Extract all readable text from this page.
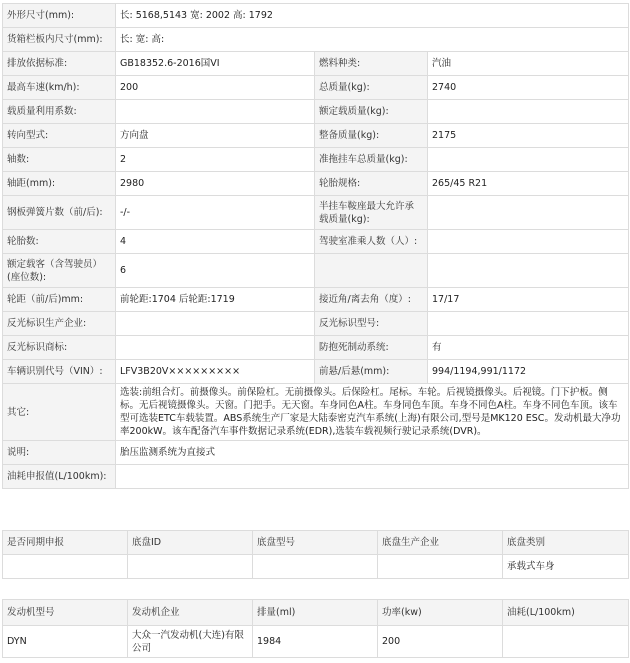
外形尺寸(mm):	长: 5168,5143 宽: 2002 高: 1792		
货箱栏板内尺寸(mm):	长: 宽: 高:		
排放依据标准:	GB18352.6-2016国VI	燃料种类:	汽油
最高车速(km/h):	200	总质量(kg):	2740
载质量利用系数:		额定载质量(kg):	
转向型式:	方向盘	整备质量(kg):	2175
轴数:	2	准拖挂车总质量(kg):	
轴距(mm):	2980	轮胎规格:	265/45 R21
钢板弹簧片数（前/后):	-/-	半挂车鞍座最大允许承载质量(kg):	
轮胎数:	4	驾驶室准乘人数（人）:	
额定载客（含驾驶员）(座位数):	6		
轮距（前/后)mm:	前轮距:1704 后轮距:1719	接近角/离去角（度）:	17/17
反光标识生产企业:		反光标识型号:	
反光标识商标:		防抱死制动系统:	有
车辆识别代号（VIN）:	LFV3B20V×××××××××	前悬/后悬(mm):	994/1194,991/1172
其它:	选装:前组合灯。前摄像头。前保险杠。无前摄像头。后保险杠。尾标。车轮。后视镜摄像头。后视镜。门下护板。侧标。无后视镜摄像头。天窗。门把手。无天窗。车身同色A柱。车身同色车顶。车身不同色A柱。车身不同色车顶。该车型可选装ETC车载装置。ABS系统生产厂家是大陆泰密克汽车系统(上海)有限公司,型号是MK120 ESC。发动机最大净功率200kW。该车配备汽车事件数据记录系统(EDR),选装车载视频行驶记录系统(DVR)。		
说明:	胎压监测系统为直接式		
油耗申报值(L/100km):			
是否同期申报	底盘ID	底盘型号	底盘生产企业	底盘类别
				承载式车身
发动机型号	发动机企业	排量(ml)	功率(kw)	油耗(L/100km)
DYN	大众一汽发动机(大连)有限公司	1984	200	
